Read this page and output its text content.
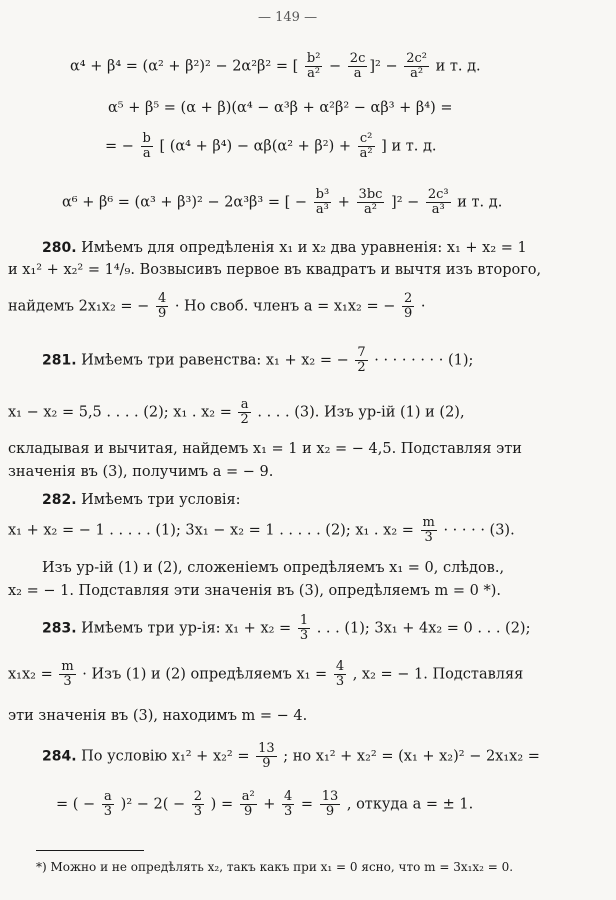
— 149 —
α⁴ + β⁴ = (α² + β²)² − 2α²β² = [ $\frac{\text{b²}}{\text{a²}} - \frac{2c}{a} ]^2 - \frac{\text{2c²}}{\text{a²}}$ и т. д.
α⁵ + β⁵ = (α + β)(α⁴ − α³β + α²β² − αβ³ + β⁴) =
= − $\frac{b}{a}$ [ $(\alpha^4 + \beta^4) - \alpha\beta(\alpha^2 + \beta^2) + \frac{\text{c²}}{\text{a²}}$ ] и т. д.
α⁶ + β⁶ = (α³ + β³)² − 2α³β³ = [ − $\frac{\text{b³}}{\text{a³}} + \frac{3bc}{\text{a²}} ]^2 - \frac{\text{2c³}}{\text{a³}}$ и т. д.
280. Имѣемъ для опредѣленія x₁ и x₂ два уравненія: x₁ + x₂ = 1
и x₁² + x₂² = 1⁴/₉. Возвысивъ первое въ квадратъ и вычтя изъ второго,
найдемъ 2x₁x₂ = − $\frac{4}{9}$ · Но своб. членъ a = x₁x₂ = − $\frac{2}{9}$ ·
281. Имѣемъ три равенства: x₁ + x₂ = − $\frac{7}{2}$ · · · · · · · · (1);
x₁ − x₂ = 5,5 . . . . (2); x₁ . $x_2 = \frac{a}{2}$ . . . . (3). Изъ ур-ій (1) и (2),
складывая и вычитая, найдемъ x₁ = 1 и x₂ = − 4,5. Подставляя эти
значенія въ (3), получимъ a = − 9.
282. Имѣемъ три условія:
x₁ + x₂ = − 1 . . . . . (1); 3x₁ − x₂ = 1 . . . . . (2); x₁ . $x_2 = \frac{m}{3}$ · · · · · (3).
Изъ ур-ій (1) и (2), сложеніемъ опредѣляемъ x₁ = 0, слѣдов.,
x₂ = − 1. Подставляя эти значенія въ (3), опредѣляемъ m = 0 *).
283. Имѣемъ три ур-ія: $x_1 + x_2 = \frac{1}{3}$ . . . (1); 3x₁ + 4x₂ = 0 . . . (2);
$x_1x_2 = \frac{m}{3}$ · Изъ (1) и (2) опредѣляемъ $x_1 = \frac{4}{3}$ , x₂ = − 1. Подставляя
эти значенія въ (3), находимъ m = − 4.
284. По условію $x_1^2 + x_2^2 = \frac{13}{9}$ ; но x₁² + x₂² = (x₁ + x₂)² − 2x₁x₂ =
= ( − $\frac{a}{3} )^2 - 2( - \frac{2}{3}$ ) = $\frac{\text{a²}}{9} + \frac{4}{3} = \frac{13}{9}$ , откуда a = ± 1.
*) Можно и не опредѣлять x₂, такъ какъ при x₁ = 0 ясно, что m = 3x₁x₂ = 0.
